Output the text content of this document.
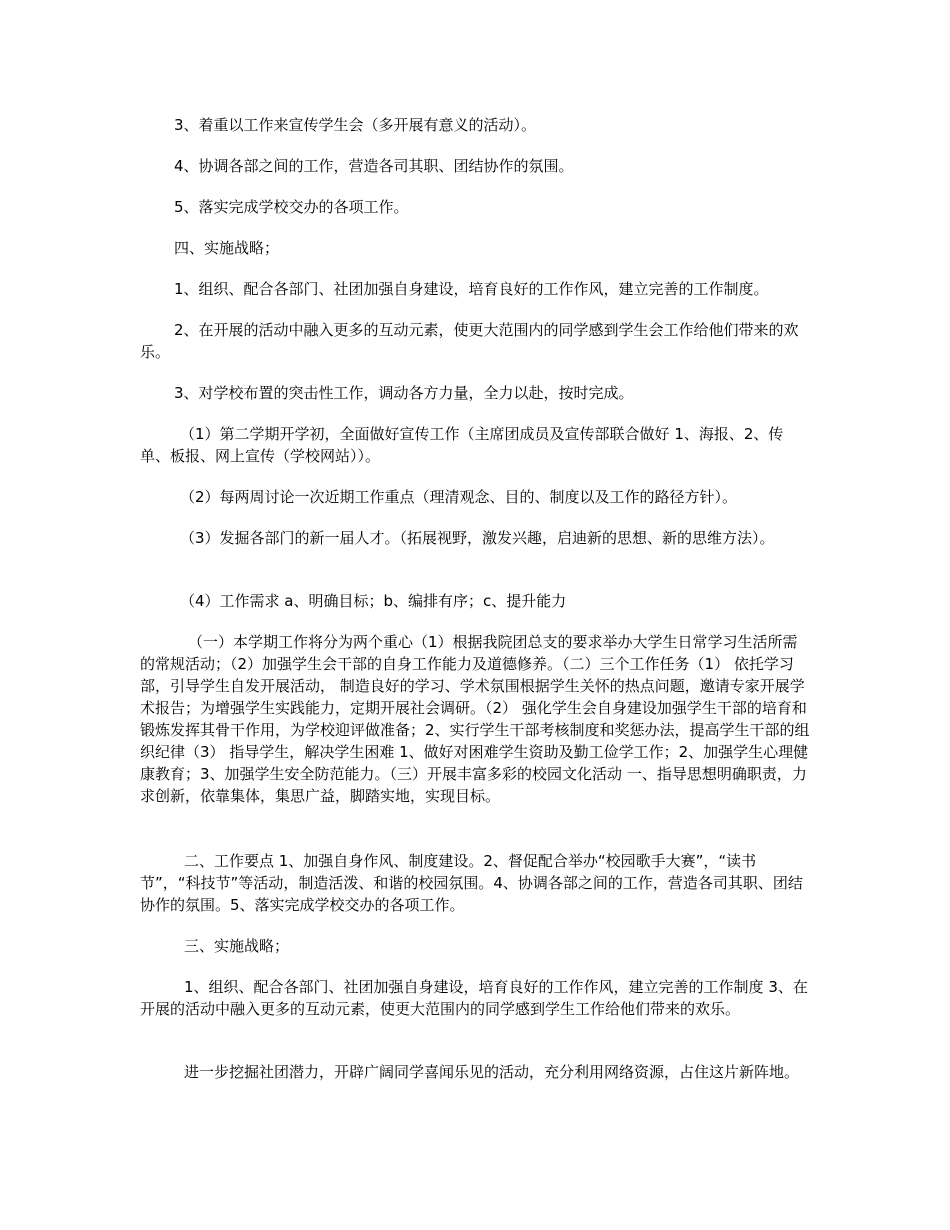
3、着重以工作来宣传学生会（多开展有意义的活动）。

4、协调各部之间的工作，营造各司其职、团结协作的氛围。

5、落实完成学校交办的各项工作。

四、实施战略；

1、组织、配合各部门、社团加强自身建设，培育良好的工作作风，建立完善的工作制度。

2、在开展的活动中融入更多的互动元素，使更大范围内的同学感到学生会工作给他们带来的欢乐。

3、对学校布置的突击性工作，调动各方力量，全力以赴，按时完成。

（1）第二学期开学初，全面做好宣传工作（主席团成员及宣传部联合做好 1、海报、2、传单、板报、网上宣传（学校网站））。

（2）每两周讨论一次近期工作重点（理清观念、目的、制度以及工作的路径方针）。

（3）发掘各部门的新一届人才。（拓展视野，激发兴趣，启迪新的思想、新的思维方法）。

（4）工作需求 a、明确目标；b、编排有序；c、提升能力

（一）本学期工作将分为两个重心（1）根据我院团总支的要求举办大学生日常学习生活所需的常规活动；（2）加强学生会干部的自身工作能力及道德修养。（二）三个工作任务（1） 依托学习部，引导学生自发开展活动， 制造良好的学习、学术氛围根据学生关怀的热点问题，邀请专家开展学术报告；为增强学生实践能力，定期开展社会调研。（2） 强化学生会自身建设加强学生干部的培育和锻炼发挥其骨干作用，为学校迎评做准备；2、实行学生干部考核制度和奖惩办法，提高学生干部的组织纪律（3） 指导学生，解决学生困难 1、做好对困难学生资助及勤工俭学工作；2、加强学生心理健康教育；3、加强学生安全防范能力。（三）开展丰富多彩的校园文化活动 一、指导思想明确职责，力求创新，依靠集体，集思广益，脚踏实地，实现目标。

二、工作要点 1、加强自身作风、制度建设。2、督促配合举办“校园歌手大赛”，“读书节”，“科技节”等活动，制造活泼、和谐的校园氛围。4、协调各部之间的工作，营造各司其职、团结协作的氛围。5、落实完成学校交办的各项工作。

三、实施战略；

1、组织、配合各部门、社团加强自身建设，培育良好的工作作风，建立完善的工作制度 3、在开展的活动中融入更多的互动元素，使更大范围内的同学感到学生工作给他们带来的欢乐。

进一步挖掘社团潜力，开辟广阔同学喜闻乐见的活动，充分利用网络资源，占住这片新阵地。
